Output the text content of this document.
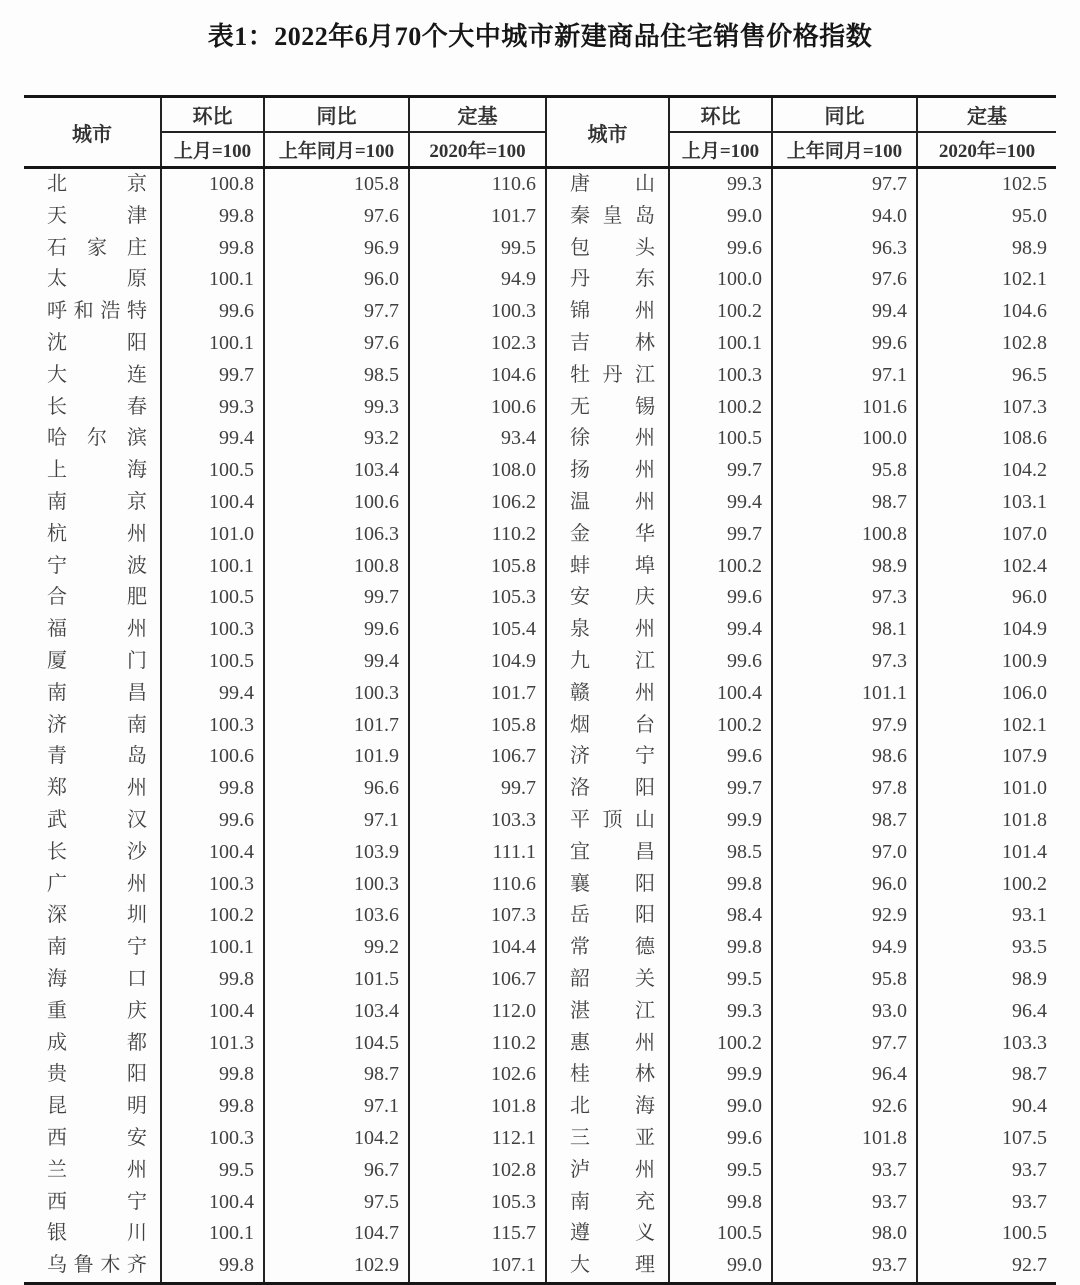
表1：2022年6月70个大中城市新建商品住宅销售价格指数
城市	环比	同比	定基	城市	环比	同比	定基
	上月=100	上年同月=100	2020年=100		上月=100	上年同月=100	2020年=100
北京	100.8	105.8	110.6	唐山	99.3	97.7	102.5
天津	99.8	97.6	101.7	秦皇岛	99.0	94.0	95.0
石家庄	99.8	96.9	99.5	包头	99.6	96.3	98.9
太原	100.1	96.0	94.9	丹东	100.0	97.6	102.1
呼和浩特	99.6	97.7	100.3	锦州	100.2	99.4	104.6
沈阳	100.1	97.6	102.3	吉林	100.1	99.6	102.8
大连	99.7	98.5	104.6	牡丹江	100.3	97.1	96.5
长春	99.3	99.3	100.6	无锡	100.2	101.6	107.3
哈尔滨	99.4	93.2	93.4	徐州	100.5	100.0	108.6
上海	100.5	103.4	108.0	扬州	99.7	95.8	104.2
南京	100.4	100.6	106.2	温州	99.4	98.7	103.1
杭州	101.0	106.3	110.2	金华	99.7	100.8	107.0
宁波	100.1	100.8	105.8	蚌埠	100.2	98.9	102.4
合肥	100.5	99.7	105.3	安庆	99.6	97.3	96.0
福州	100.3	99.6	105.4	泉州	99.4	98.1	104.9
厦门	100.5	99.4	104.9	九江	99.6	97.3	100.9
南昌	99.4	100.3	101.7	赣州	100.4	101.1	106.0
济南	100.3	101.7	105.8	烟台	100.2	97.9	102.1
青岛	100.6	101.9	106.7	济宁	99.6	98.6	107.9
郑州	99.8	96.6	99.7	洛阳	99.7	97.8	101.0
武汉	99.6	97.1	103.3	平顶山	99.9	98.7	101.8
长沙	100.4	103.9	111.1	宜昌	98.5	97.0	101.4
广州	100.3	100.3	110.6	襄阳	99.8	96.0	100.2
深圳	100.2	103.6	107.3	岳阳	98.4	92.9	93.1
南宁	100.1	99.2	104.4	常德	99.8	94.9	93.5
海口	99.8	101.5	106.7	韶关	99.5	95.8	98.9
重庆	100.4	103.4	112.0	湛江	99.3	93.0	96.4
成都	101.3	104.5	110.2	惠州	100.2	97.7	103.3
贵阳	99.8	98.7	102.6	桂林	99.9	96.4	98.7
昆明	99.8	97.1	101.8	北海	99.0	92.6	90.4
西安	100.3	104.2	112.1	三亚	99.6	101.8	107.5
兰州	99.5	96.7	102.8	泸州	99.5	93.7	93.7
西宁	100.4	97.5	105.3	南充	99.8	93.7	93.7
银川	100.1	104.7	115.7	遵义	100.5	98.0	100.5
乌鲁木齐	99.8	102.9	107.1	大理	99.0	93.7	92.7
